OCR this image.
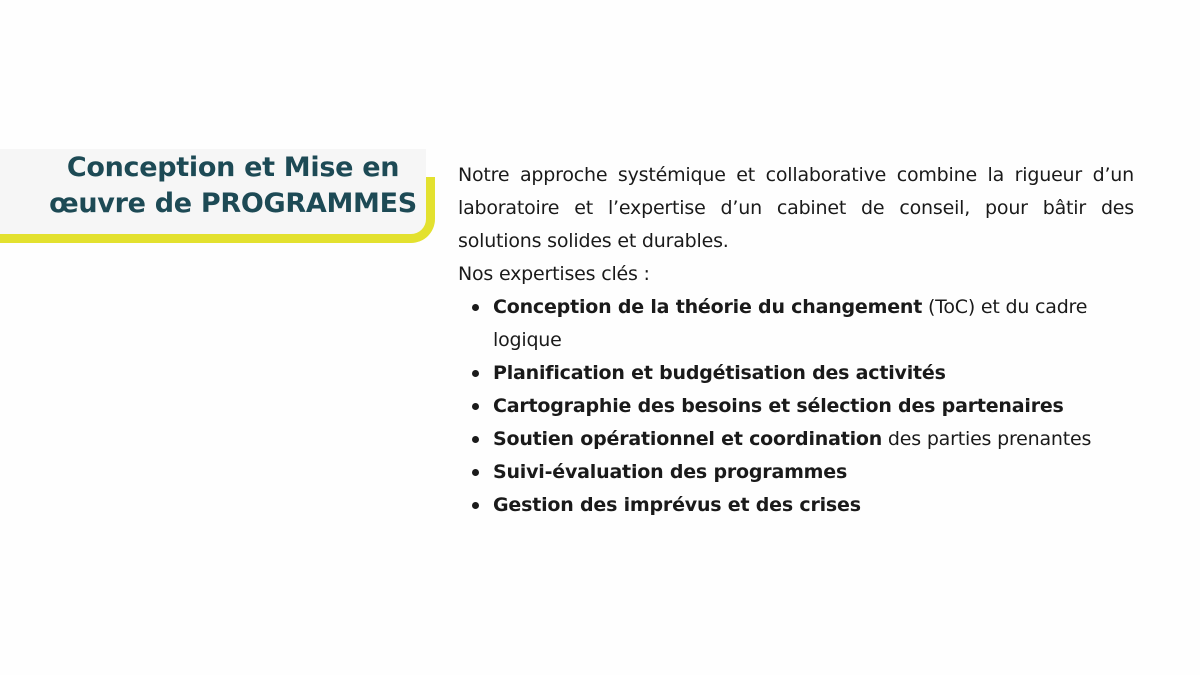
Conception et Mise en
œuvre de PROGRAMMES

Notre approche systémique et collaborative combine la rigueur d’un laboratoire et l’expertise d’un cabinet de conseil, pour bâtir des solutions solides et durables.

Nos expertises clés :

Conception de la théorie du changement (ToC) et du cadre logique
Planification et budgétisation des activités
Cartographie des besoins et sélection des partenaires
Soutien opérationnel et coordination des parties prenantes
Suivi-évaluation des programmes
Gestion des imprévus et des crises
